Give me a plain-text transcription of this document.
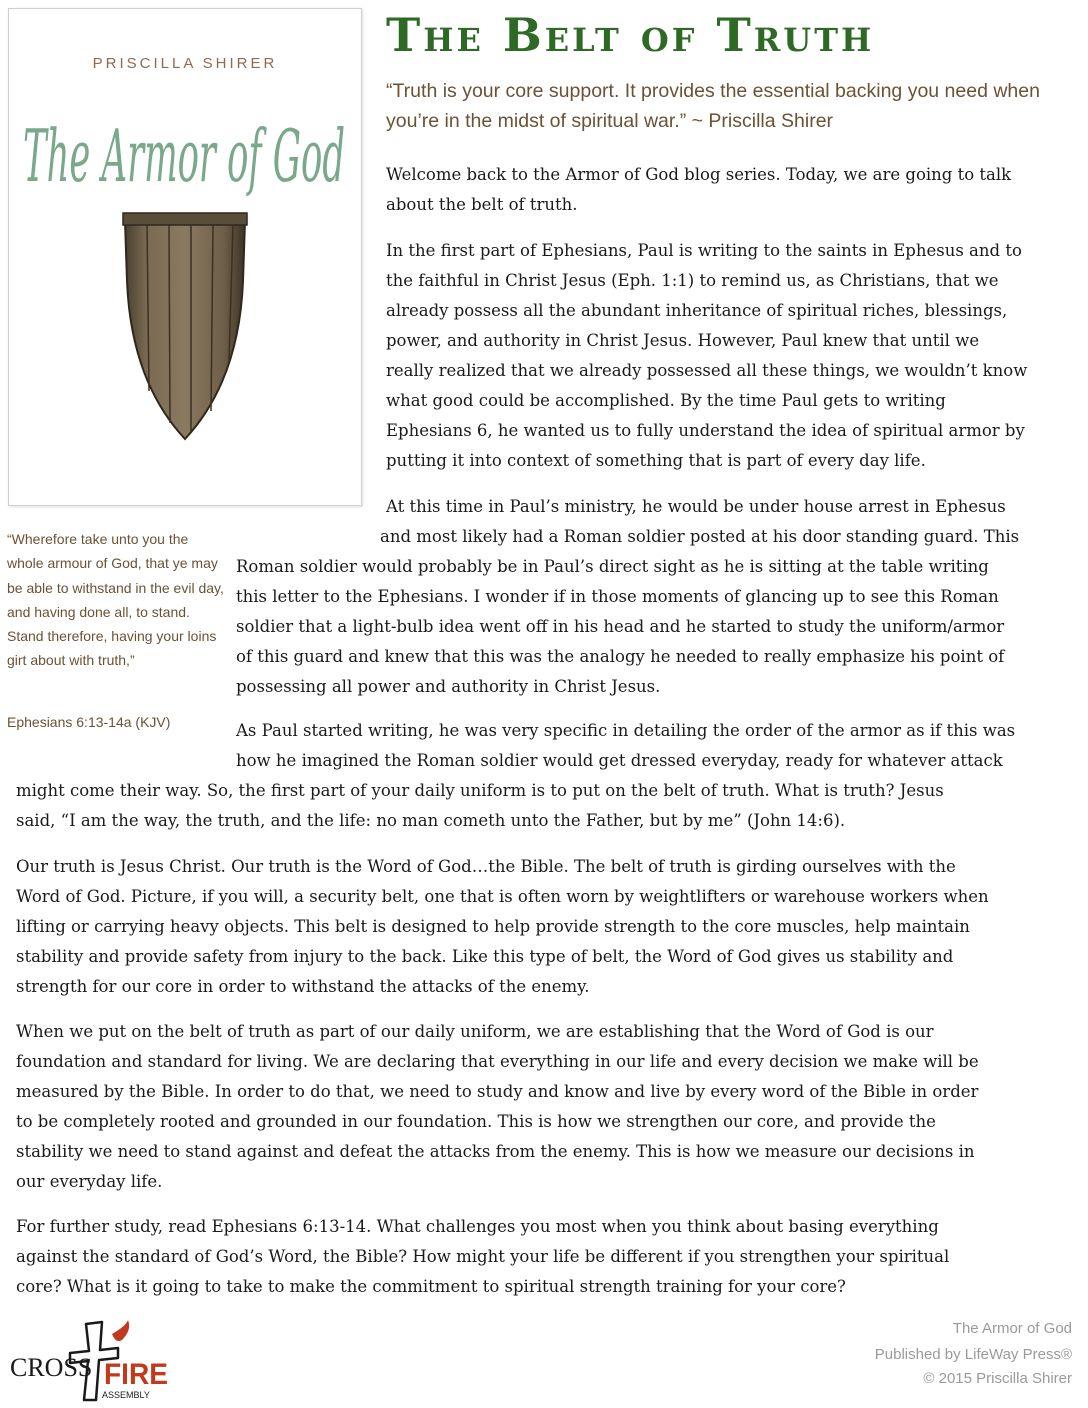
PRISCILLA SHIRER
The Armor of God
The Belt of Truth

“Truth is your core support. It provides the essential backing you need when you’re in the midst of spiritual war.” ~ Priscilla Shirer

Welcome back to the Armor of God blog series. Today, we are going to talk
about the belt of truth.
In the first part of Ephesians, Paul is writing to the saints in Ephesus and to
the faithful in Christ Jesus (Eph. 1:1) to remind us, as Christians, that we
already possess all the abundant inheritance of spiritual riches, blessings,
power, and authority in Christ Jesus. However, Paul knew that until we
really realized that we already possessed all these things, we wouldn’t know
what good could be accomplished. By the time Paul gets to writing
Ephesians 6, he wanted us to fully understand the idea of spiritual armor by
putting it into context of something that is part of every day life.
At this time in Paul’s ministry, he would be under house arrest in Ephesus
and most likely had a Roman soldier posted at his door standing guard. This
Roman soldier would probably be in Paul’s direct sight as he is sitting at the table writing
this letter to the Ephesians. I wonder if in those moments of glancing up to see this Roman
soldier that a light-bulb idea went off in his head and he started to study the uniform/armor
of this guard and knew that this was the analogy he needed to really emphasize his point of
possessing all power and authority in Christ Jesus.
As Paul started writing, he was very specific in detailing the order of the armor as if this was
how he imagined the Roman soldier would get dressed everyday, ready for whatever attack
might come their way. So, the first part of your daily uniform is to put on the belt of truth. What is truth? Jesus
said, “I am the way, the truth, and the life: no man cometh unto the Father, but by me” (John 14:6).
Our truth is Jesus Christ. Our truth is the Word of God…the Bible. The belt of truth is girding ourselves with the
Word of God. Picture, if you will, a security belt, one that is often worn by weightlifters or warehouse workers when
lifting or carrying heavy objects. This belt is designed to help provide strength to the core muscles, help maintain
stability and provide safety from injury to the back. Like this type of belt, the Word of God gives us stability and
strength for our core in order to withstand the attacks of the enemy.
When we put on the belt of truth as part of our daily uniform, we are establishing that the Word of God is our
foundation and standard for living. We are declaring that everything in our life and every decision we make will be
measured by the Bible. In order to do that, we need to study and know and live by every word of the Bible in order
to be completely rooted and grounded in our foundation. This is how we strengthen our core, and provide the
stability we need to stand against and defeat the attacks from the enemy. This is how we measure our decisions in
our everyday life.
For further study, read Ephesians 6:13-14. What challenges you most when you think about basing everything
against the standard of God’s Word, the Bible? How might your life be different if you strengthen your spiritual
core? What is it going to take to make the commitment to spiritual strength training for your core?

“Wherefore take unto you the whole armour of God, that ye may be able to withstand in the evil day, and having done all, to stand. Stand therefore, having your loins girt about with truth,”

Ephesians 6:13-14a (KJV)

CROSS FIRE
ASSEMBLY

The Armor of God

Published by LifeWay Press®

© 2015 Priscilla Shirer
